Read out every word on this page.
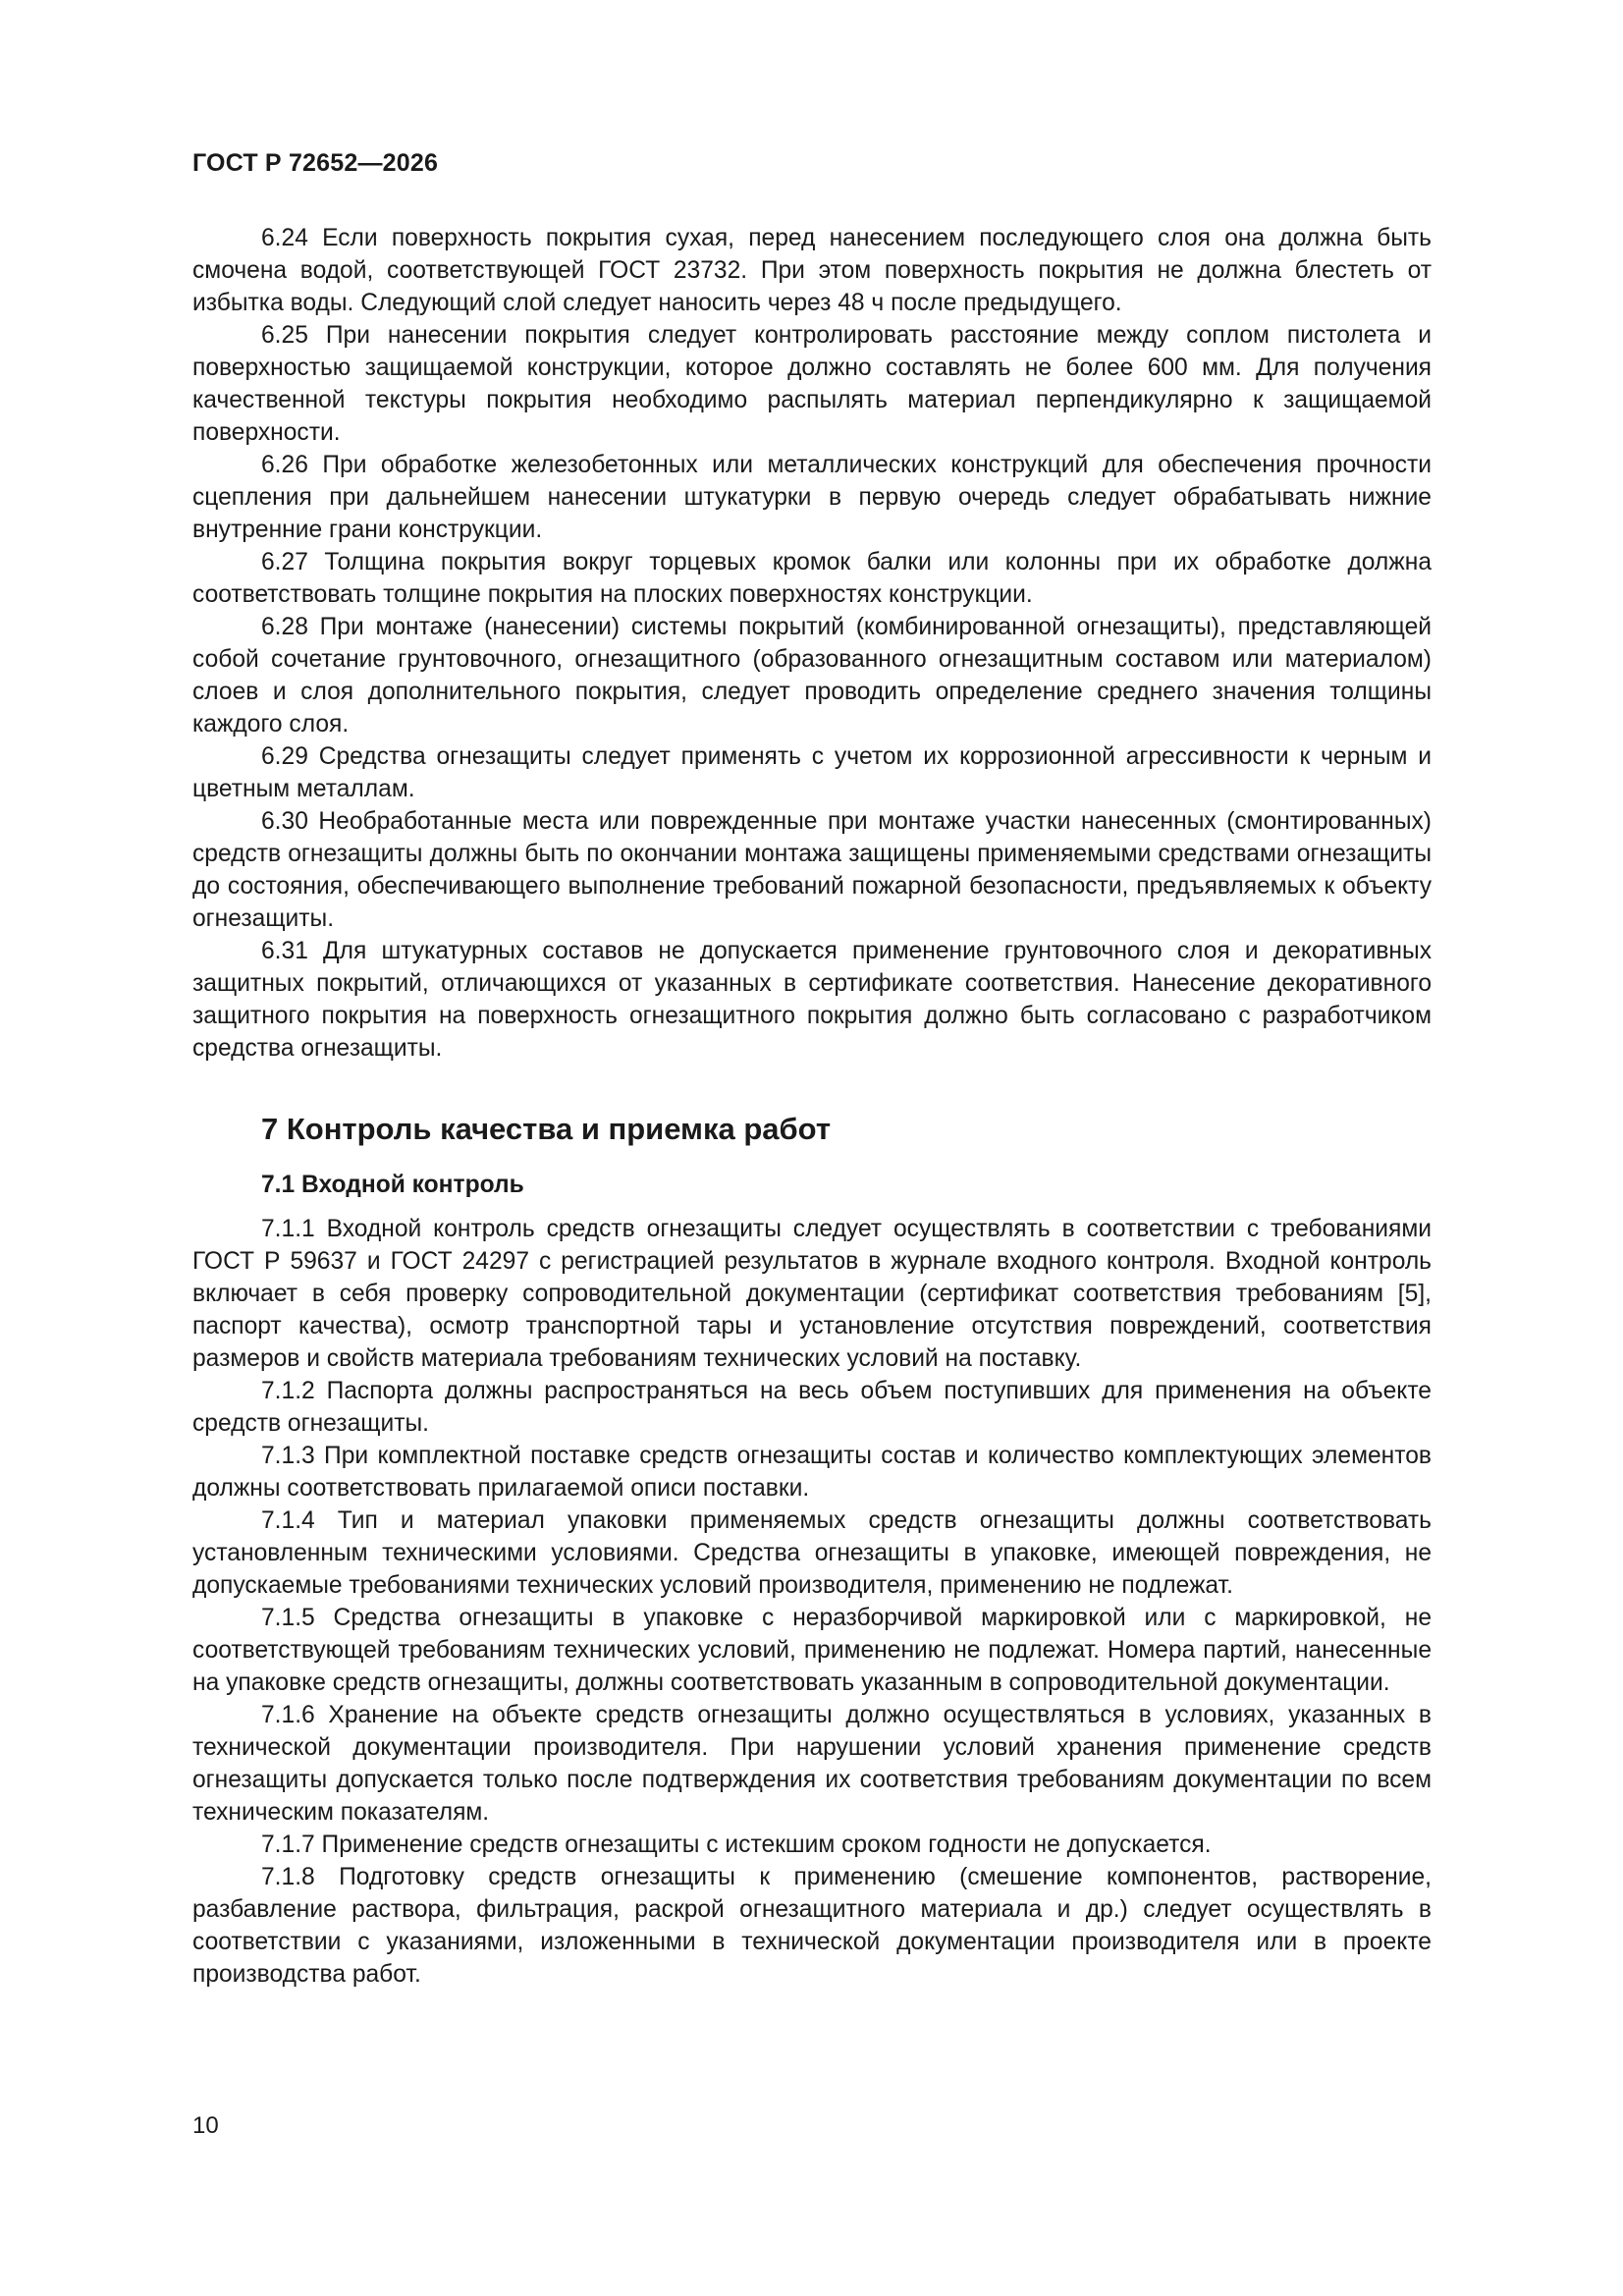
ГОСТ Р 72652—2026

6.24 Если поверхность покрытия сухая, перед нанесением последующего слоя она должна быть смочена водой, соответствующей ГОСТ 23732. При этом поверхность покрытия не должна блестеть от избытка воды. Следующий слой следует наносить через 48 ч после предыдущего.

6.25 При нанесении покрытия следует контролировать расстояние между соплом пистолета и поверхностью защищаемой конструкции, которое должно составлять не более 600 мм. Для получения качественной текстуры покрытия необходимо распылять материал перпендикулярно к защищаемой поверхности.

6.26 При обработке железобетонных или металлических конструкций для обеспечения прочности сцепления при дальнейшем нанесении штукатурки в первую очередь следует обрабатывать нижние внутренние грани конструкции.

6.27 Толщина покрытия вокруг торцевых кромок балки или колонны при их обработке должна соответствовать толщине покрытия на плоских поверхностях конструкции.

6.28 При монтаже (нанесении) системы покрытий (комбинированной огнезащиты), представляющей собой сочетание грунтовочного, огнезащитного (образованного огнезащитным составом или материалом) слоев и слоя дополнительного покрытия, следует проводить определение среднего значения толщины каждого слоя.

6.29 Средства огнезащиты следует применять с учетом их коррозионной агрессивности к черным и цветным металлам.

6.30 Необработанные места или поврежденные при монтаже участки нанесенных (смонтированных) средств огнезащиты должны быть по окончании монтажа защищены применяемыми средствами огнезащиты до состояния, обеспечивающего выполнение требований пожарной безопасности, предъявляемых к объекту огнезащиты.

6.31 Для штукатурных составов не допускается применение грунтовочного слоя и декоративных защитных покрытий, отличающихся от указанных в сертификате соответствия. Нанесение декоративного защитного покрытия на поверхность огнезащитного покрытия должно быть согласовано с разработчиком средства огнезащиты.

7 Контроль качества и приемка работ
7.1 Входной контроль

7.1.1 Входной контроль средств огнезащиты следует осуществлять в соответствии с требованиями ГОСТ Р 59637 и ГОСТ 24297 с регистрацией результатов в журнале входного контроля. Входной контроль включает в себя проверку сопроводительной документации (сертификат соответствия требованиям [5], паспорт качества), осмотр транспортной тары и установление отсутствия повреждений, соответствия размеров и свойств материала требованиям технических условий на поставку.

7.1.2 Паспорта должны распространяться на весь объем поступивших для применения на объекте средств огнезащиты.

7.1.3 При комплектной поставке средств огнезащиты состав и количество комплектующих элементов должны соответствовать прилагаемой описи поставки.

7.1.4 Тип и материал упаковки применяемых средств огнезащиты должны соответствовать установленным техническими условиями. Средства огнезащиты в упаковке, имеющей повреждения, не допускаемые требованиями технических условий производителя, применению не подлежат.

7.1.5 Средства огнезащиты в упаковке с неразборчивой маркировкой или с маркировкой, не соответствующей требованиям технических условий, применению не подлежат. Номера партий, нанесенные на упаковке средств огнезащиты, должны соответствовать указанным в сопроводительной документации.

7.1.6 Хранение на объекте средств огнезащиты должно осуществляться в условиях, указанных в технической документации производителя. При нарушении условий хранения применение средств огнезащиты допускается только после подтверждения их соответствия требованиям документации по всем техническим показателям.

7.1.7 Применение средств огнезащиты с истекшим сроком годности не допускается.

7.1.8 Подготовку средств огнезащиты к применению (смешение компонентов, растворение, разбавление раствора, фильтрация, раскрой огнезащитного материала и др.) следует осуществлять в соответствии с указаниями, изложенными в технической документации производителя или в проекте производства работ.

10
